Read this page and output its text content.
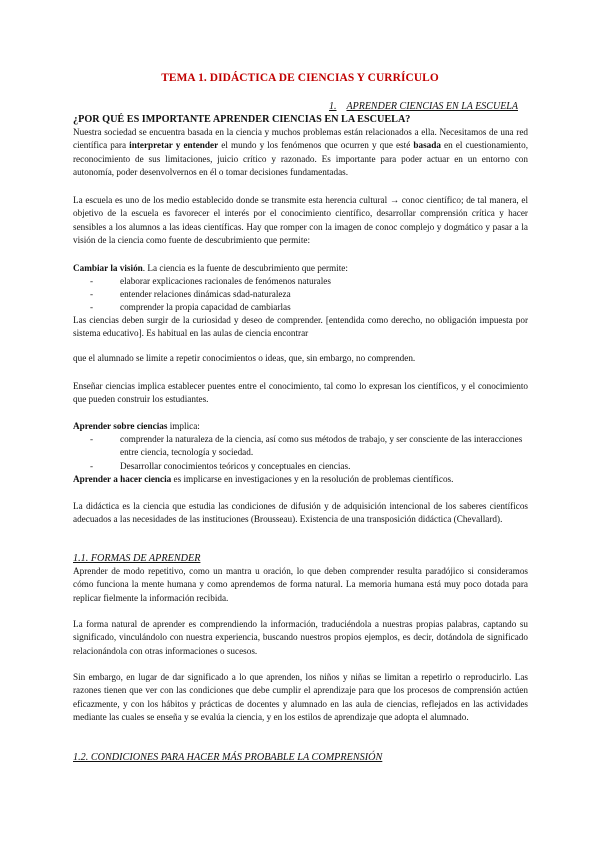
TEMA 1. DIDÁCTICA DE CIENCIAS Y CURRÍCULO
1. APRENDER CIENCIAS EN LA ESCUELA
¿POR QUÉ ES IMPORTANTE APRENDER CIENCIAS EN LA ESCUELA?
Nuestra sociedad se encuentra basada en la ciencia y muchos problemas están relacionados a ella. Necesitamos de una red científica para interpretar y entender el mundo y los fenómenos que ocurren y que esté basada en el cuestionamiento, reconocimiento de sus limitaciones, juicio crítico y razonado. Es importante para poder actuar en un entorno con autonomía, poder desenvolvernos en él o tomar decisiones fundamentadas.
La escuela es uno de los medio establecido donde se transmite esta herencia cultural → conoc científico; de tal manera, el objetivo de la escuela es favorecer el interés por el conocimiento científico, desarrollar comprensión crítica y hacer sensibles a los alumnos a las ideas científicas. Hay que romper con la imagen de conoc complejo y dogmático y pasar a la visión de la ciencia como fuente de descubrimiento que permite:
Cambiar la visión. La ciencia es la fuente de descubrimiento que permite:
-	elaborar explicaciones racionales de fenómenos naturales
-	entender relaciones dinámicas sdad-naturaleza
-	comprender la propia capacidad de cambiarlas
Las ciencias deben surgir de la curiosidad y deseo de comprender. [entendida como derecho, no obligación impuesta por sistema educativo]. Es habitual en las aulas de ciencia encontrar
que el alumnado se limite a repetir conocimientos o ideas, que, sin embargo, no comprenden.
Enseñar ciencias implica establecer puentes entre el conocimiento, tal como lo expresan los científicos, y el conocimiento que pueden construir los estudiantes.
Aprender sobre ciencias implica:
-	comprender la naturaleza de la ciencia, así como sus métodos de trabajo, y ser consciente de las interacciones entre ciencia, tecnología y sociedad.
-	Desarrollar conocimientos teóricos y conceptuales en ciencias.
Aprender a hacer ciencia es implicarse en investigaciones y en la resolución de problemas científicos.
La didáctica es la ciencia que estudia las condiciones de difusión y de adquisición intencional de los saberes científicos adecuados a las necesidades de las instituciones (Brousseau). Existencia de una transposición didáctica (Chevallard).
1.1. FORMAS DE APRENDER
Aprender de modo repetitivo, como un mantra u oración, lo que deben comprender resulta paradójico si consideramos cómo funciona la mente humana y como aprendemos de forma natural. La memoria humana está muy poco dotada para replicar fielmente la información recibida.
La forma natural de aprender es comprendiendo la información, traduciéndola a nuestras propias palabras, captando su significado, vinculándolo con nuestra experiencia, buscando nuestros propios ejemplos, es decir, dotándola de significado relacionándola con otras informaciones o sucesos.
Sin embargo, en lugar de dar significado a lo que aprenden, los niños y niñas se limitan a repetirlo o reproducirlo. Las razones tienen que ver con las condiciones que debe cumplir el aprendizaje para que los procesos de comprensión actúen eficazmente, y con los hábitos y prácticas de docentes y alumnado en las aula de ciencias, reflejados en las actividades mediante las cuales se enseña y se evalúa la ciencia, y en los estilos de aprendizaje que adopta el alumnado.
1.2. CONDICIONES PARA HACER MÁS PROBABLE LA COMPRENSIÓN
